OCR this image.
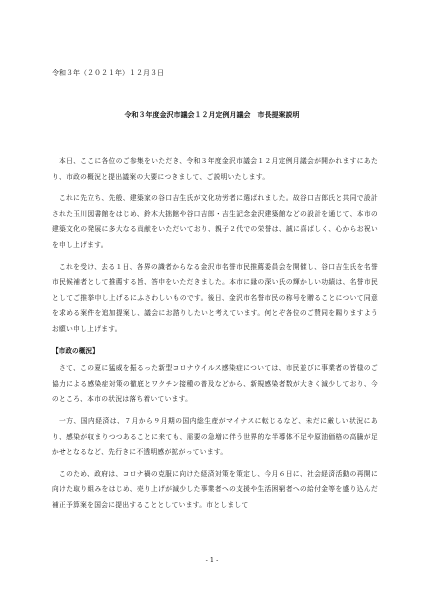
令和３年（２０２１年）１２月３日
令和３年度金沢市議会１２月定例月議会　市長提案説明

本日、ここに各位のご参集をいただき、令和３年度金沢市議会１２月定例月議会が開かれますにあたり、市政の概況と提出議案の大要につきまして、ご説明いたします。

これに先立ち、先般、建築家の谷口吉生氏が文化功労者に選ばれました。故谷口吉郎氏と共同で設計された玉川図書館をはじめ、鈴木大拙館や谷口吉郎・吉生記念金沢建築館などの設計を通じて、本市の建築文化の発展に多大なる貢献をいただいており、親子２代での栄誉は、誠に喜ばしく、心からお祝いを申し上げます。

これを受け、去る１日、各界の識者からなる金沢市名誉市民推薦委員会を開催し、谷口吉生氏を名誉市民候補者として推薦する旨、答申をいただきました。本市に縁の深い氏の輝かしい功績は、名誉市民としてご推挙申し上げるにふさわしいものです。後日、金沢市名誉市民の称号を贈ることについて同意を求める案件を追加提案し、議会にお諮りしたいと考えています。何とぞ各位のご賛同を賜りますようお願い申し上げます。

【市政の概況】

さて、この夏に猛威を振るった新型コロナウイルス感染症については、市民並びに事業者の皆様のご協力による感染症対策の徹底とワクチン接種の普及などから、新規感染者数が大きく減少しており、今のところ、本市の状況は落ち着いています。

一方、国内経済は、７月から９月期の国内総生産がマイナスに転じるなど、未だに厳しい状況にあり、感染が収まりつつあることに来ても、需要の急増に伴う世界的な半導体不足や原油価格の高騰が足かせとなるなど、先行きに不透明感が拡がっています。

このため、政府は、コロナ禍の克服に向けた経済対策を策定し、今月６日に、社会経済活動の再開に向けた取り組みをはじめ、売り上げが減少した事業者への支援や生活困窮者への給付金等を盛り込んだ補正予算案を国会に提出することとしています。市としまして

- 1 -
